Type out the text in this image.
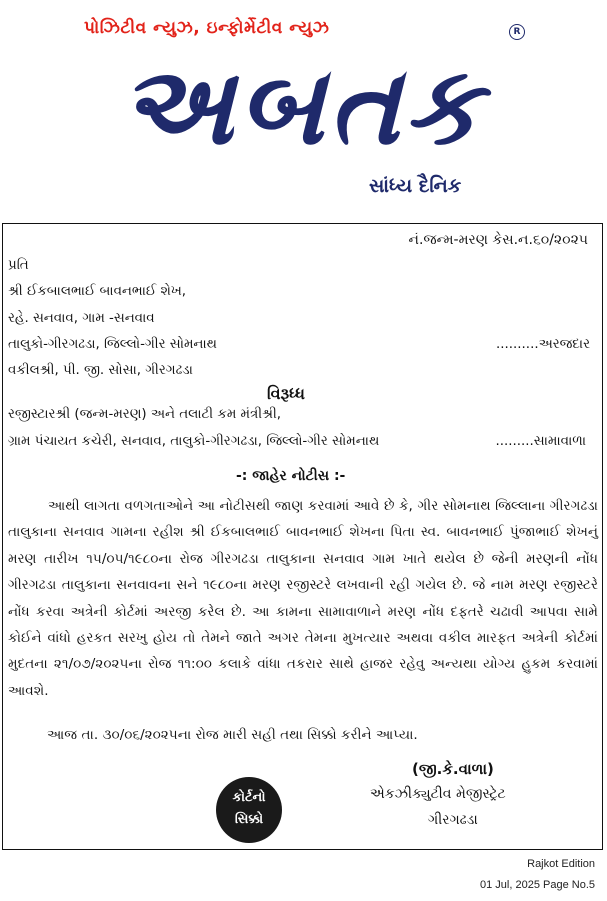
પોઝિટીવ ન્યુઝ, ઇન્ફોર્મેટીવ ન્યુઝ	R
અબતક
સાંધ્ય દૈનિક
નં.જન્મ-મરણ કેસ.ન.૬૦/૨૦૨૫
પ્રતિ
શ્રી ઈકબાલભાઈ બાવનભાઈ શેખ,
રહે. સનવાવ, ગામ -સનવાવ
તાલુકો-ગીરગઢડા, જિલ્લો-ગીર સોમનાથ	..........અરજદાર
વકીલશ્રી, પી. જી. સોસા, ગીરગઢડા
વિરૂધ્ધ
રજીસ્ટારશ્રી (જન્મ-મરણ) અને તલાટી કમ મંત્રીશ્રી,
ગ્રામ પંચાયત કચેરી, સનવાવ, તાલુકો-ગીરગઢડા, જિલ્લો-ગીર સોમનાથ	.........સામાવાળા
-: જાહેર નોટીસ :-
આથી લાગતા વળગતાઓને આ નોટીસથી જાણ કરવામાં આવે છે કે, ગીર સોમનાથ જિલ્લાના ગીરગઢડા તાલુકાના સનવાવ ગામના રહીશ શ્રી ઈકબાલભાઈ બાવનભાઈ શેખના પિતા સ્વ. બાવનભાઈ પુંજાભાઈ શેખનું મરણ તારીખ ૧૫/૦૫/૧૯૮૦ના રોજ ગીરગઢડા તાલુકાના સનવાવ ગામ ખાતે થયેલ છે જેની મરણની નોંધ ગીરગઢડા તાલુકાના સનવાવના સને ૧૯૮૦ના મરણ રજીસ્ટરે લખવાની રહી ગયેલ છે. જે નામ મરણ રજીસ્ટરે નોંધ કરવા અત્રેની કોર્ટમાં અરજી કરેલ છે. આ કામના સામાવાળાને મરણ નોંધ દફતરે ચઢાવી આપવા સામે કોઈને વાંધો હરકત સરખુ હોય તો તેમને જાતે અગર તેમના મુખત્યાર અથવા વકીલ મારફત અત્રેની કોર્ટમાં મુદતના ૨૧/૦૭/૨૦૨૫ના રોજ ૧૧:૦૦ કલાકે વાંધા તકરાર સાથે હાજર રહેવુ અન્યથા યોગ્ય હુકમ કરવામાં આવશે.
આજ તા. ૩૦/૦૬/૨૦૨૫ના રોજ મારી સહી તથા સિક્કો કરીને આપ્યા.
કોર્ટનો
સિક્કો
(જી.કે.વાળા)
એકઝીક્યુટીવ મેજીસ્ટ્રેટ
ગીરગઢડા
Rajkot Edition
01 Jul, 2025 Page No.5
